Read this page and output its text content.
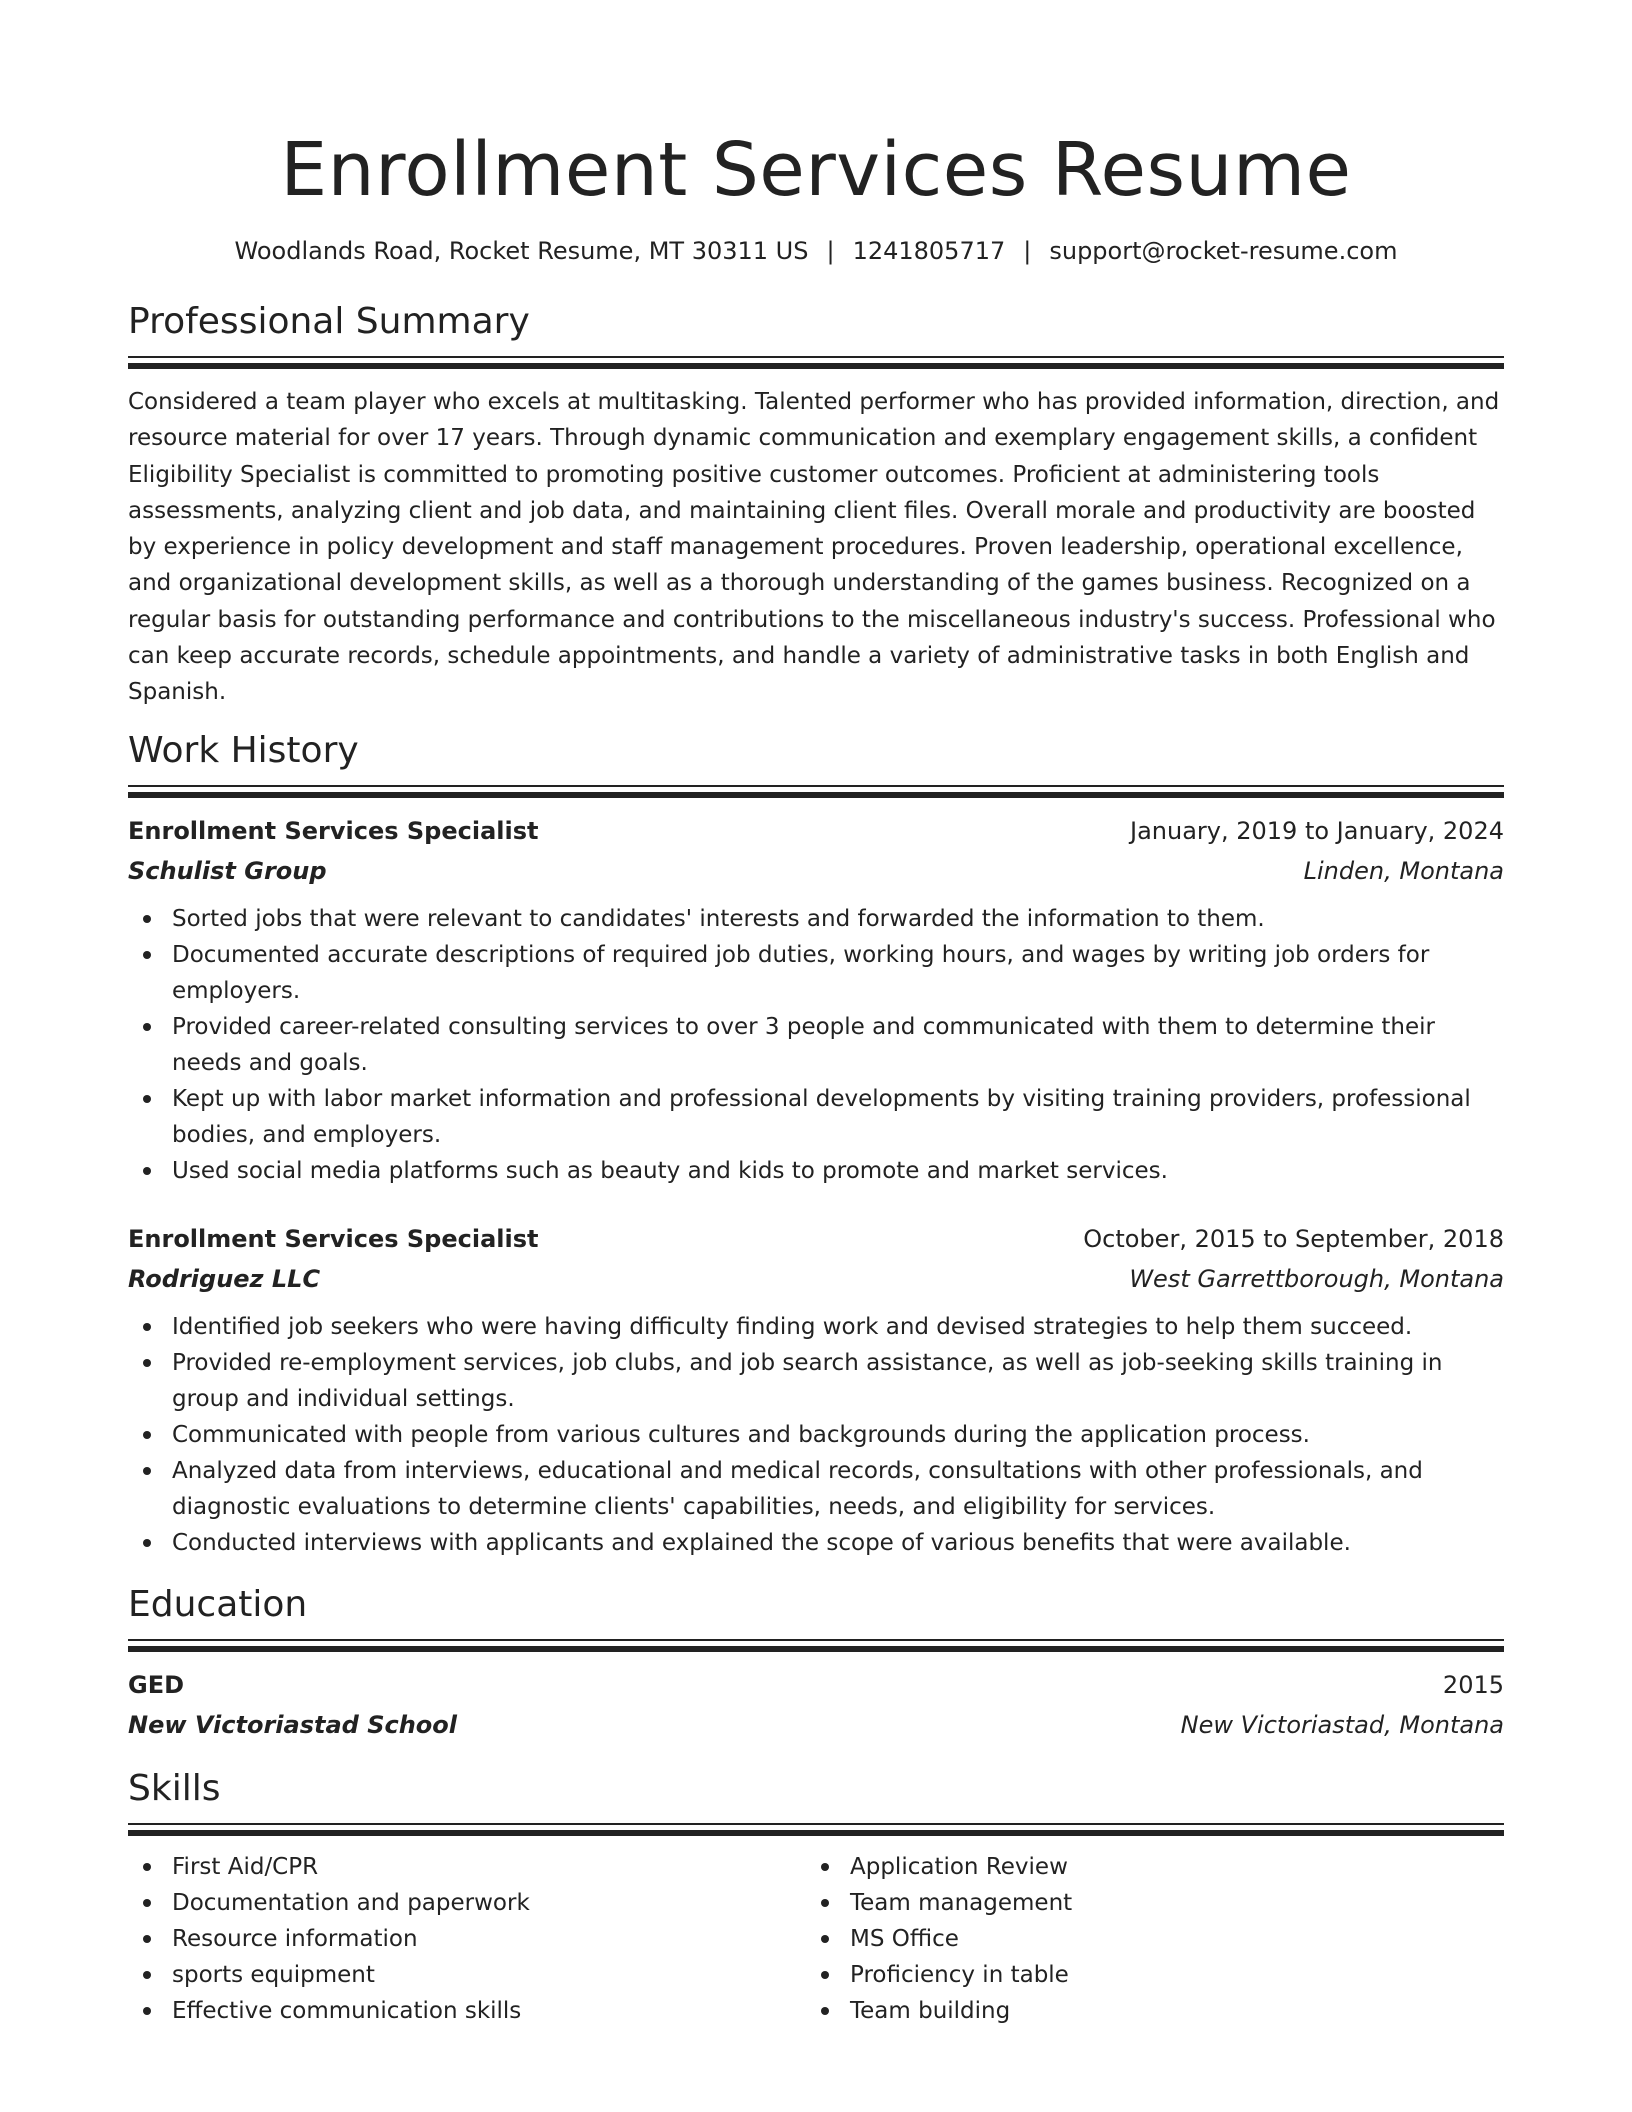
Enrollment Services Resume
Woodlands Road, Rocket Resume, MT 30311 US | 1241805717 | support@rocket-resume.com
Professional Summary

Considered a team player who excels at multitasking. Talented performer who has provided information, direction, and resource material for over 17 years. Through dynamic communication and exemplary engagement skills, a confident Eligibility Specialist is committed to promoting positive customer outcomes. Proficient at administering tools assessments, analyzing client and job data, and maintaining client files. Overall morale and productivity are boosted by experience in policy development and staff management procedures. Proven leadership, operational excellence, and organizational development skills, as well as a thorough understanding of the games business. Recognized on a regular basis for outstanding performance and contributions to the miscellaneous industry's success. Professional who can keep accurate records, schedule appointments, and handle a variety of administrative tasks in both English and Spanish.

Work History
Enrollment Services Specialist	January, 2019 to January, 2024
Schulist Group	Linden, Montana
Sorted jobs that were relevant to candidates' interests and forwarded the information to them.
Documented accurate descriptions of required job duties, working hours, and wages by writing job orders for employers.
Provided career-related consulting services to over 3 people and communicated with them to determine their needs and goals.
Kept up with labor market information and professional developments by visiting training providers, professional bodies, and employers.
Used social media platforms such as beauty and kids to promote and market services.
Enrollment Services Specialist	October, 2015 to September, 2018
Rodriguez LLC	West Garrettborough, Montana
Identified job seekers who were having difficulty finding work and devised strategies to help them succeed.
Provided re-employment services, job clubs, and job search assistance, as well as job-seeking skills training in group and individual settings.
Communicated with people from various cultures and backgrounds during the application process.
Analyzed data from interviews, educational and medical records, consultations with other professionals, and diagnostic evaluations to determine clients' capabilities, needs, and eligibility for services.
Conducted interviews with applicants and explained the scope of various benefits that were available.
Education
GED	2015
New Victoriastad School	New Victoriastad, Montana
Skills
First Aid/CPR
Documentation and paperwork
Resource information
sports equipment
Effective communication skills
Application Review
Team management
MS Office
Proficiency in table
Team building
